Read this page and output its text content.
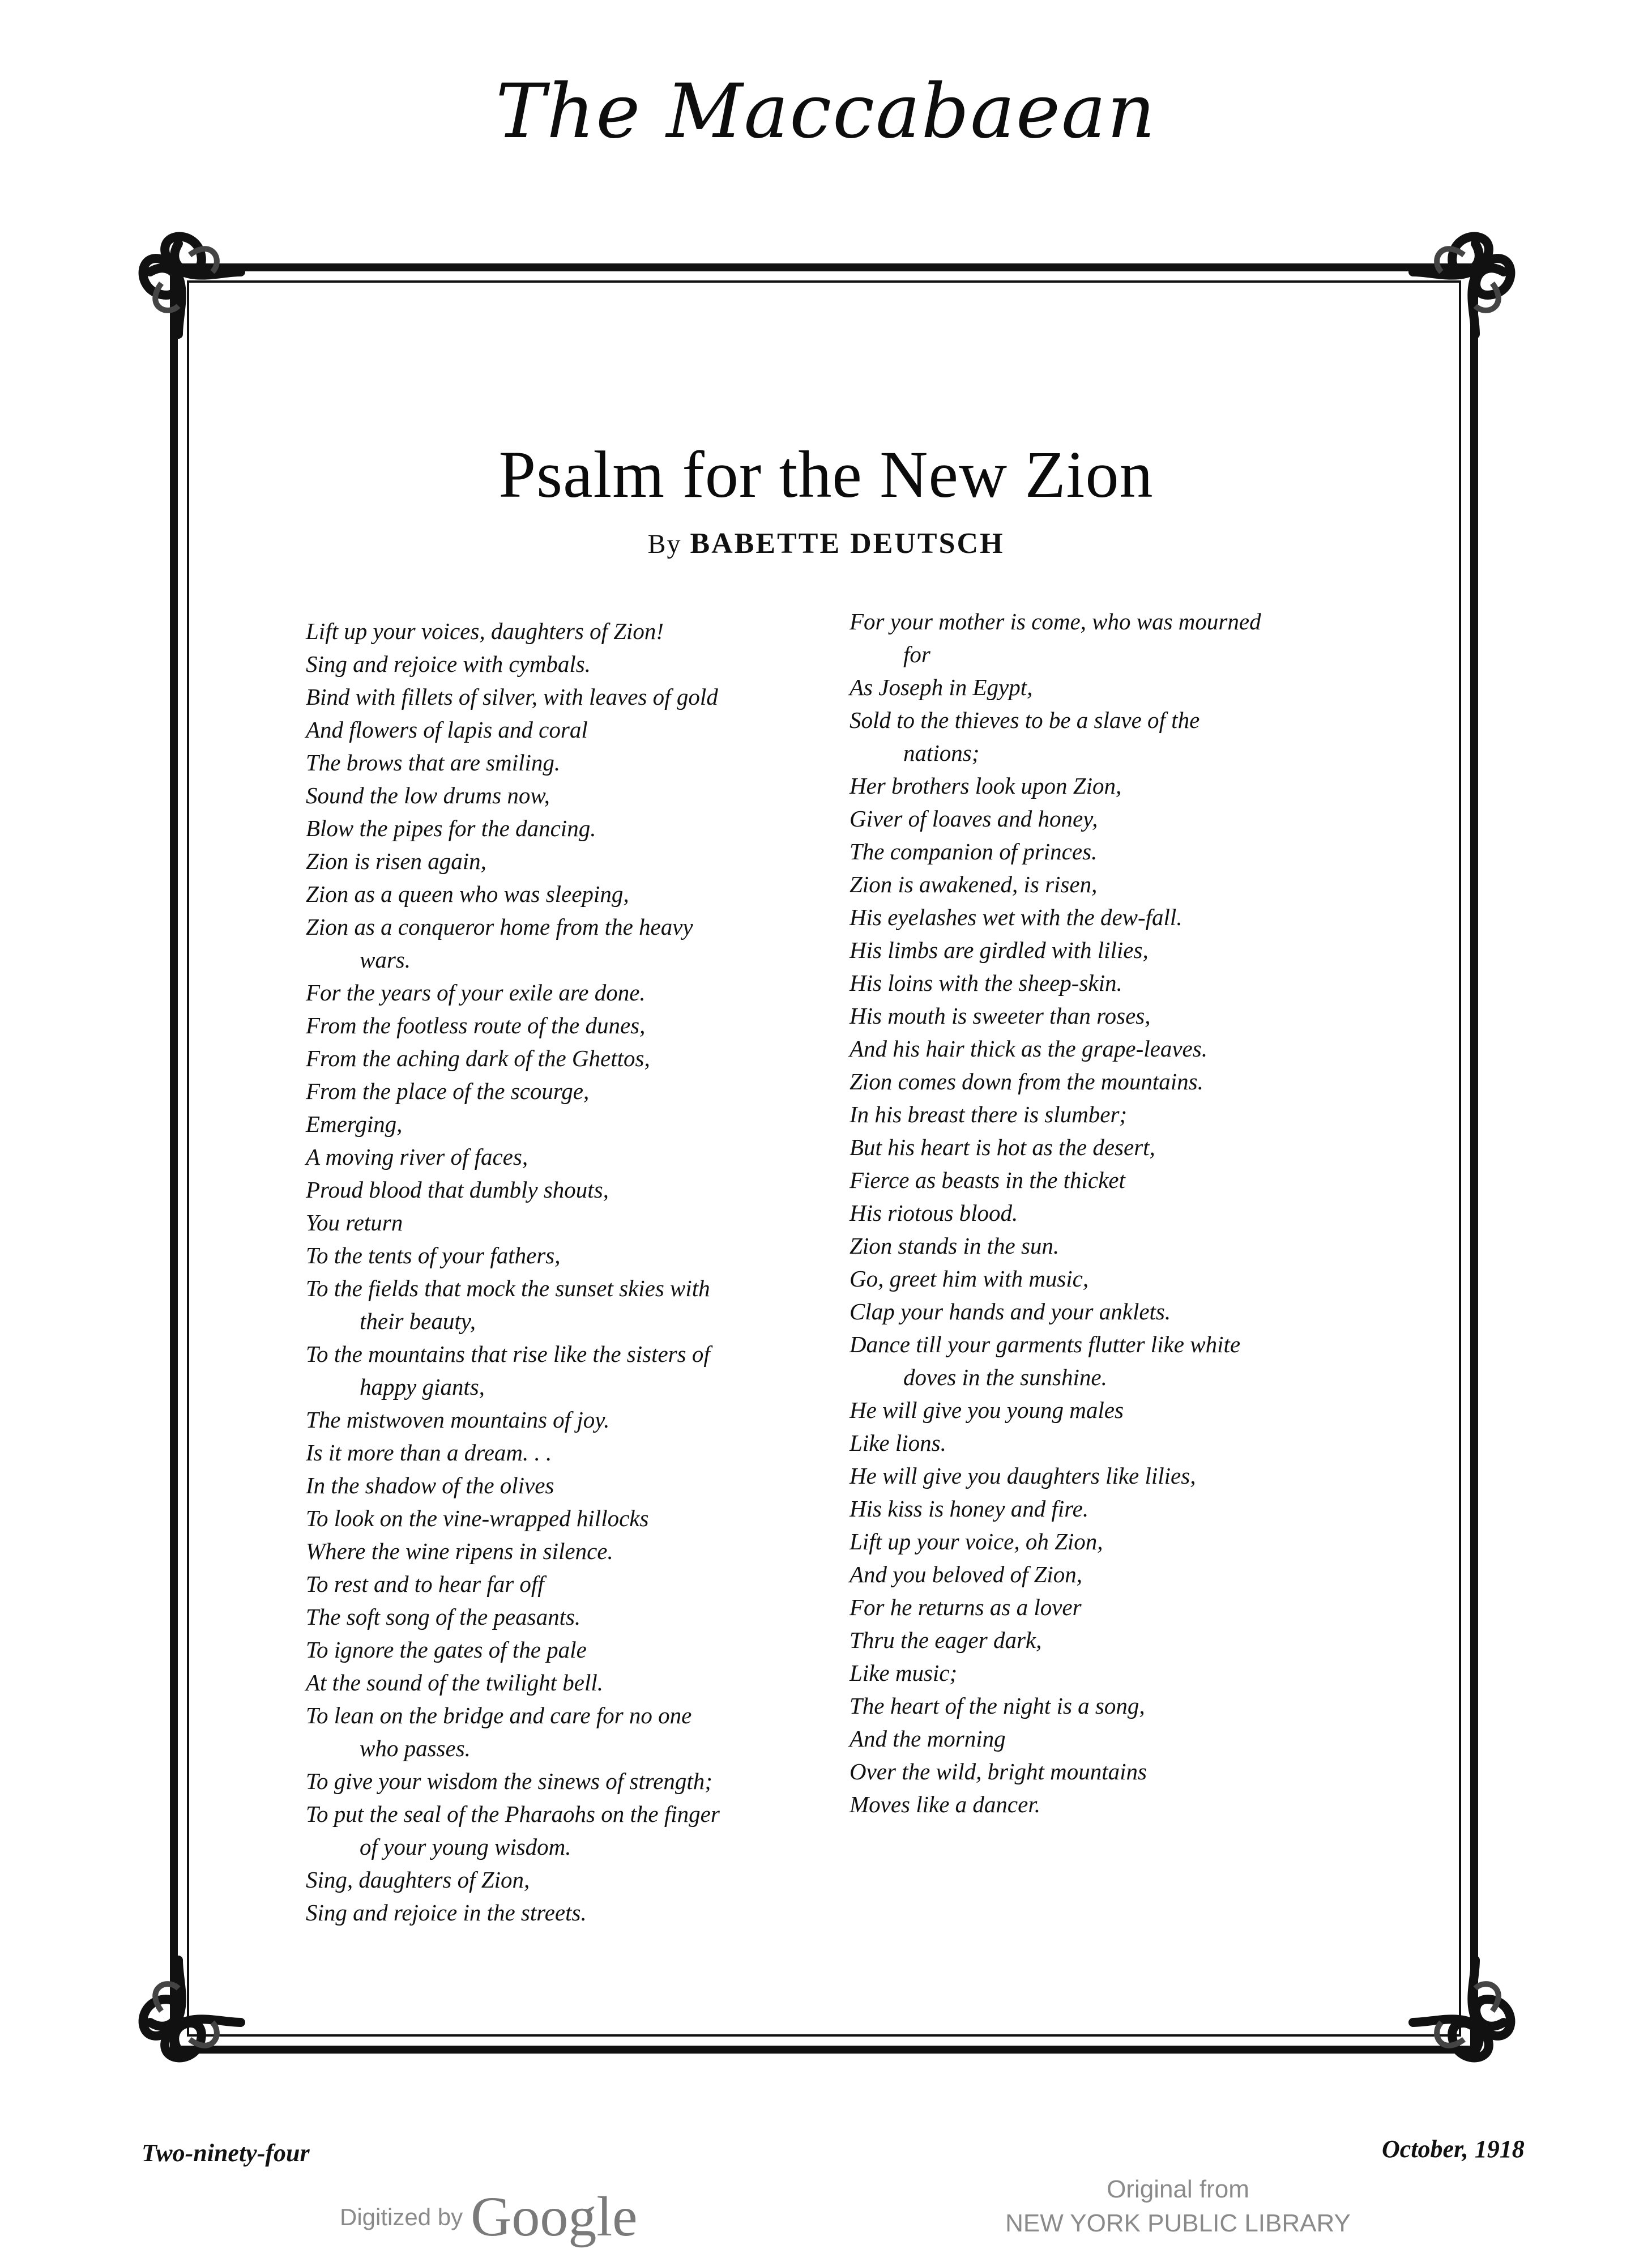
The Maccabaean
Psalm for the New Zion
By BABETTE DEUTSCH
Lift up your voices, daughters of Zion!
Sing and rejoice with cymbals.
Bind with fillets of silver, with leaves of gold
And flowers of lapis and coral
The brows that are smiling.
Sound the low drums now,
Blow the pipes for the dancing.
Zion is risen again,
Zion as a queen who was sleeping,
Zion as a conqueror home from the heavy
wars.
For the years of your exile are done.
From the footless route of the dunes,
From the aching dark of the Ghettos,
From the place of the scourge,
Emerging,
A moving river of faces,
Proud blood that dumbly shouts,
You return
To the tents of your fathers,
To the fields that mock the sunset skies with
their beauty,
To the mountains that rise like the sisters of
happy giants,
The mistwoven mountains of joy.
Is it more than a dream. . .
In the shadow of the olives
To look on the vine-wrapped hillocks
Where the wine ripens in silence.
To rest and to hear far off
The soft song of the peasants.
To ignore the gates of the pale
At the sound of the twilight bell.
To lean on the bridge and care for no one
who passes.
To give your wisdom the sinews of strength;
To put the seal of the Pharaohs on the finger
of your young wisdom.
Sing, daughters of Zion,
Sing and rejoice in the streets.
For your mother is come, who was mourned
for
As Joseph in Egypt,
Sold to the thieves to be a slave of the
nations;
Her brothers look upon Zion,
Giver of loaves and honey,
The companion of princes.
Zion is awakened, is risen,
His eyelashes wet with the dew-fall.
His limbs are girdled with lilies,
His loins with the sheep-skin.
His mouth is sweeter than roses,
And his hair thick as the grape-leaves.
Zion comes down from the mountains.
In his breast there is slumber;
But his heart is hot as the desert,
Fierce as beasts in the thicket
His riotous blood.
Zion stands in the sun.
Go, greet him with music,
Clap your hands and your anklets.
Dance till your garments flutter like white
doves in the sunshine.
He will give you young males
Like lions.
He will give you daughters like lilies,
His kiss is honey and fire.
Lift up your voice, oh Zion,
And you beloved of Zion,
For he returns as a lover
Thru the eager dark,
Like music;
The heart of the night is a song,
And the morning
Over the wild, bright mountains
Moves like a dancer.
Two-ninety-four	October, 1918
Digitized by Google	Original from
NEW YORK PUBLIC LIBRARY
